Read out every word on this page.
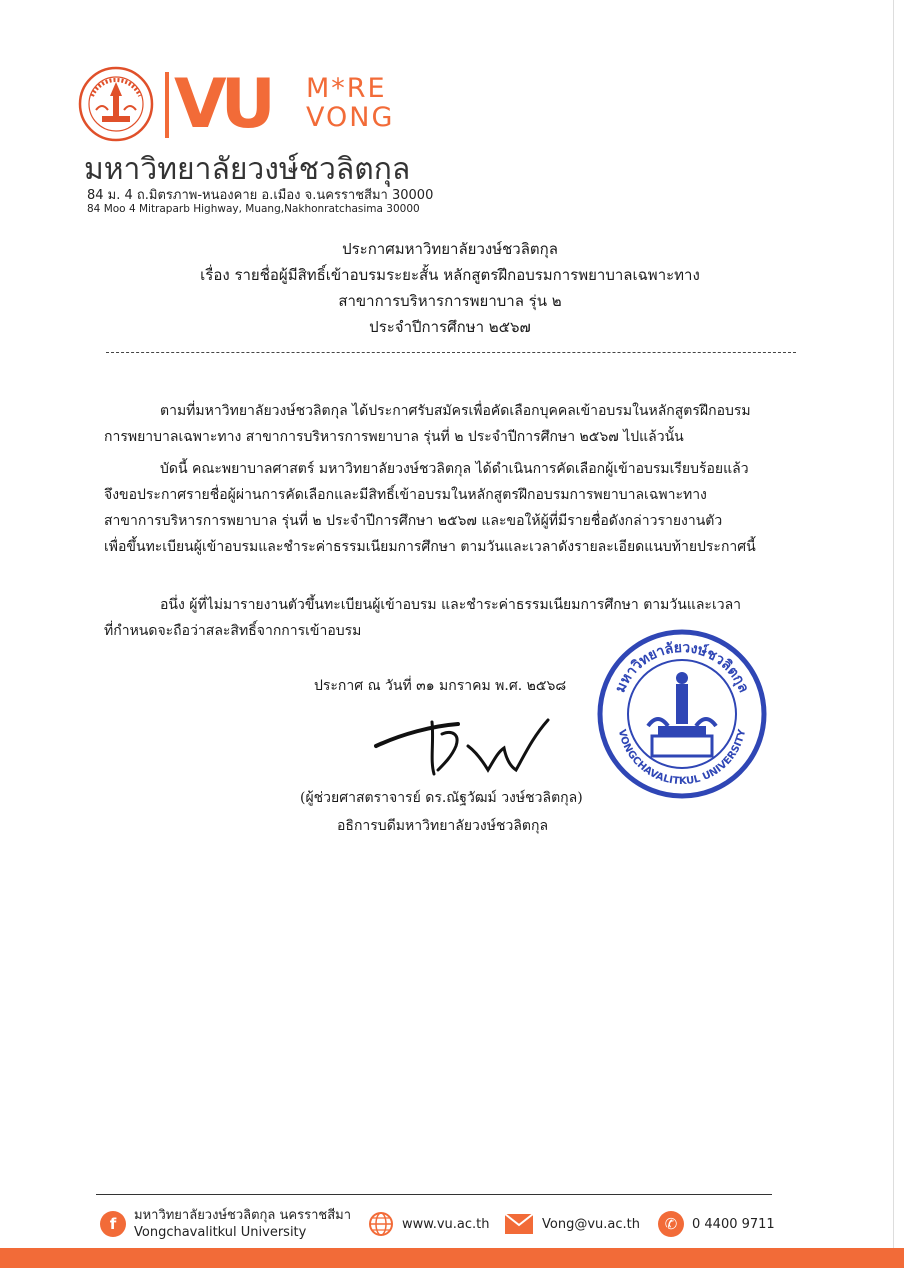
VU M*RE
VONG
มหาวิทยาลัยวงษ์ชวลิตกุล
84 ม. 4 ถ.มิตรภาพ-หนองคาย อ.เมือง จ.นครราชสีมา 30000
84 Moo 4 Mitraparb Highway, Muang,Nakhonratchasima 30000
ประกาศมหาวิทยาลัยวงษ์ชวลิตกุล
เรื่อง รายชื่อผู้มีสิทธิ์เข้าอบรมระยะสั้น หลักสูตรฝึกอบรมการพยาบาลเฉพาะทาง
สาขาการบริหารการพยาบาล รุ่น ๒
ประจำปีการศึกษา ๒๕๖๗
ตามที่มหาวิทยาลัยวงษ์ชวลิตกุล ได้ประกาศรับสมัครเพื่อคัดเลือกบุคคลเข้าอบรมในหลักสูตรฝึกอบรม
การพยาบาลเฉพาะทาง สาขาการบริหารการพยาบาล รุ่นที่ ๒ ประจำปีการศึกษา ๒๕๖๗ ไปแล้วนั้น
บัดนี้ คณะพยาบาลศาสตร์ มหาวิทยาลัยวงษ์ชวลิตกุล ได้ดำเนินการคัดเลือกผู้เข้าอบรมเรียบร้อยแล้ว
จึงขอประกาศรายชื่อผู้ผ่านการคัดเลือกและมีสิทธิ์เข้าอบรมในหลักสูตรฝึกอบรมการพยาบาลเฉพาะทาง
สาขาการบริหารการพยาบาล รุ่นที่ ๒ ประจำปีการศึกษา ๒๕๖๗ และขอให้ผู้ที่มีรายชื่อดังกล่าวรายงานตัว
เพื่อขึ้นทะเบียนผู้เข้าอบรมและชำระค่าธรรมเนียมการศึกษา ตามวันและเวลาดังรายละเอียดแนบท้ายประกาศนี้
อนึ่ง ผู้ที่ไม่มารายงานตัวขึ้นทะเบียนผู้เข้าอบรม และชำระค่าธรรมเนียมการศึกษา ตามวันและเวลา
ที่กำหนดจะถือว่าสละสิทธิ์จากการเข้าอบรม
ประกาศ ณ วันที่ ๓๑ มกราคม พ.ศ. ๒๕๖๘
(ผู้ช่วยศาสตราจารย์ ดร.ณัฐวัฒม์ วงษ์ชวลิตกุล)
อธิการบดีมหาวิทยาลัยวงษ์ชวลิตกุล
มหาวิทยาลัยวงษ์ชวลิตกุล
VONGCHAVALITKUL UNIVERSITY
f	มหาวิทยาลัยวงษ์ชวลิตกุล นครราชสีมา
Vongchavalitkul University
www.vu.ac.th	Vong@vu.ac.th	✆	0 4400 9711
